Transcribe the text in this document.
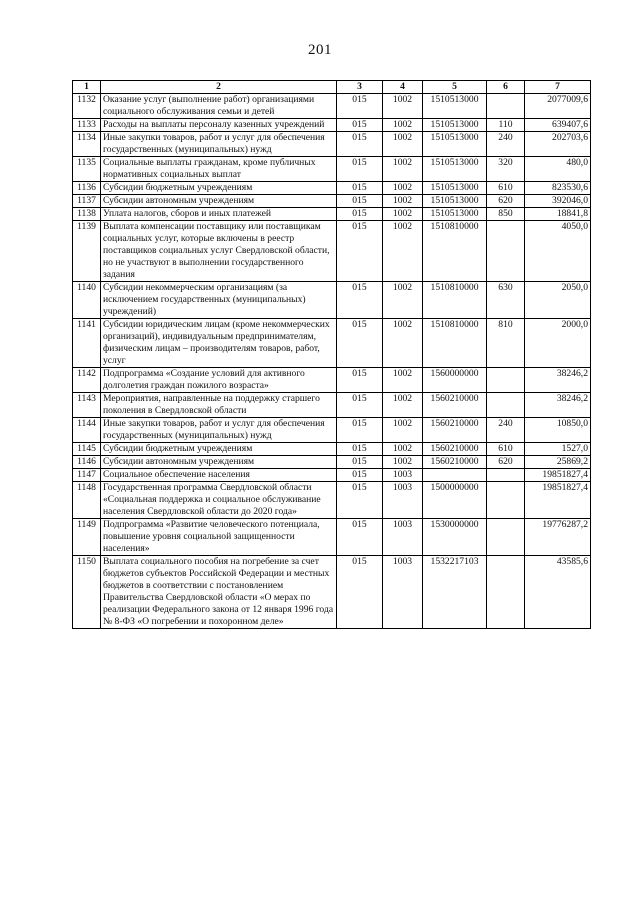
201
1	2	3	4	5	6	7
1132	Оказание услуг (выполнение работ) организациями социального обслуживания семьи и детей	015	1002	1510513000		2077009,6
1133	Расходы на выплаты персоналу казенных учреждений	015	1002	1510513000	110	639407,6
1134	Иные закупки товаров, работ и услуг для обеспечения государственных (муниципальных) нужд	015	1002	1510513000	240	202703,6
1135	Социальные выплаты гражданам, кроме публичных нормативных социальных выплат	015	1002	1510513000	320	480,0
1136	Субсидии бюджетным учреждениям	015	1002	1510513000	610	823530,6
1137	Субсидии автономным учреждениям	015	1002	1510513000	620	392046,0
1138	Уплата налогов, сборов и иных платежей	015	1002	1510513000	850	18841,8
1139	Выплата компенсации поставщику или поставщикам социальных услуг, которые включены в реестр поставщиков социальных услуг Свердловской области, но не участвуют в выполнении государственного задания	015	1002	1510810000		4050,0
1140	Субсидии некоммерческим организациям (за исключением государственных (муниципальных) учреждений)	015	1002	1510810000	630	2050,0
1141	Субсидии юридическим лицам (кроме некоммерческих организаций), индивидуальным предпринимателям, физическим лицам – производителям товаров, работ, услуг	015	1002	1510810000	810	2000,0
1142	Подпрограмма «Создание условий для активного долголетия граждан пожилого возраста»	015	1002	1560000000		38246,2
1143	Мероприятия, направленные на поддержку старшего поколения в Свердловской области	015	1002	1560210000		38246,2
1144	Иные закупки товаров, работ и услуг для обеспечения государственных (муниципальных) нужд	015	1002	1560210000	240	10850,0
1145	Субсидии бюджетным учреждениям	015	1002	1560210000	610	1527,0
1146	Субсидии автономным учреждениям	015	1002	1560210000	620	25869,2
1147	Социальное обеспечение населения	015	1003			19851827,4
1148	Государственная программа Свердловской области «Социальная поддержка и социальное обслуживание населения Свердловской области до 2020 года»	015	1003	1500000000		19851827,4
1149	Подпрограмма «Развитие человеческого потенциала, повышение уровня социальной защищенности населения»	015	1003	1530000000		19776287,2
1150	Выплата социального пособия на погребение за счет бюджетов субъектов Российской Федерации и местных бюджетов в соответствии с постановлением Правительства Свердловской области «О мерах по реализации Федерального закона от 12 января 1996 года № 8-ФЗ «О погребении и похоронном деле»	015	1003	1532217103		43585,6
